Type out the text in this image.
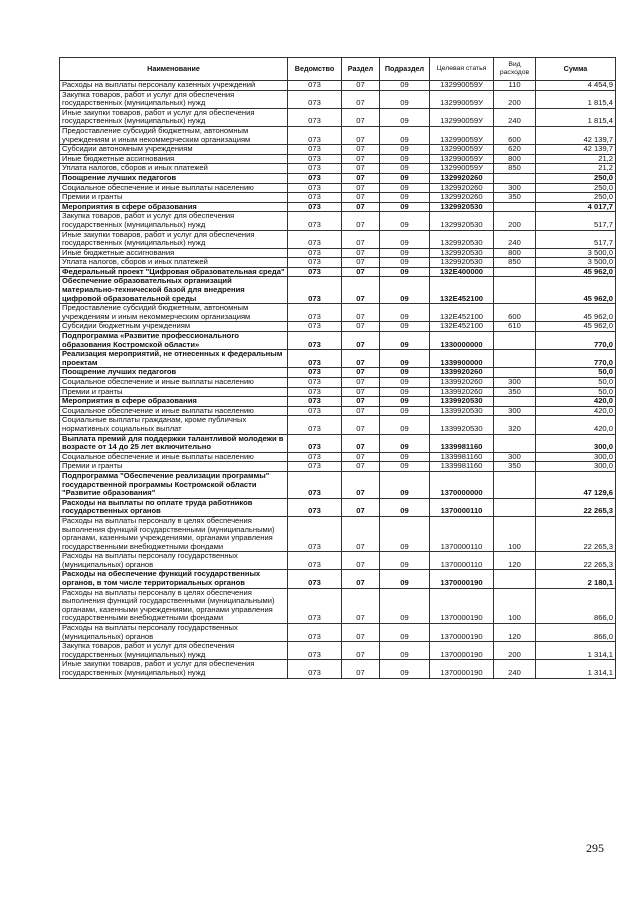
Наименование	Ведомство	Раздел	Подраздел	Целевая статья	Вид расходов	Сумма
Расходы на выплаты персоналу казенных учреждений	073	07	09	132990059У	110	4 454,9
Закупка товаров, работ и услуг для обеспечения государственных (муниципальных) нужд	073	07	09	132990059У	200	1 815,4
Иные закупки товаров, работ и услуг для обеспечения государственных (муниципальных) нужд	073	07	09	132990059У	240	1 815,4
Предоставление субсидий бюджетным, автономным учреждениям и иным некоммерческим организациям	073	07	09	132990059У	600	42 139,7
Субсидии автономным учреждениям	073	07	09	132990059У	620	42 139,7
Иные бюджетные ассигнования	073	07	09	132990059У	800	21,2
Уплата налогов, сборов и иных платежей	073	07	09	132990059У	850	21,2
Поощрение лучших педагогов	073	07	09	1329920260		250,0
Социальное обеспечение и иные выплаты населению	073	07	09	1329920260	300	250,0
Премии и гранты	073	07	09	1329920260	350	250,0
Мероприятия в сфере образования	073	07	09	1329920530		4 017,7
Закупка товаров, работ и услуг для обеспечения государственных (муниципальных) нужд	073	07	09	1329920530	200	517,7
Иные закупки товаров, работ и услуг для обеспечения государственных (муниципальных) нужд	073	07	09	1329920530	240	517,7
Иные бюджетные ассигнования	073	07	09	1329920530	800	3 500,0
Уплата налогов, сборов и иных платежей	073	07	09	1329920530	850	3 500,0
Федеральный проект "Цифровая образовательная среда"	073	07	09	132E400000		45 962,0
Обеспечение образовательных организаций материально-технической базой для внедрения цифровой образовательной среды	073	07	09	132E452100		45 962,0
Предоставление субсидий бюджетным, автономным учреждениям и иным некоммерческим организациям	073	07	09	132E452100	600	45 962,0
Субсидии бюджетным учреждениям	073	07	09	132E452100	610	45 962,0
Подпрограмма «Развитие профессионального образования Костромской области»	073	07	09	1330000000		770,0
Реализация мероприятий, не отнесенных к федеральным проектам	073	07	09	1339900000		770,0
Поощрение лучших педагогов	073	07	09	1339920260		50,0
Социальное обеспечение и иные выплаты населению	073	07	09	1339920260	300	50,0
Премии и гранты	073	07	09	1339920260	350	50,0
Мероприятия в сфере образования	073	07	09	1339920530		420,0
Социальное обеспечение и иные выплаты населению	073	07	09	1339920530	300	420,0
Социальные выплаты гражданам, кроме публичных нормативных социальных выплат	073	07	09	1339920530	320	420,0
Выплата премий для поддержки талантливой молодежи в возрасте от 14 до 25 лет включительно	073	07	09	1339981160		300,0
Социальное обеспечение и иные выплаты населению	073	07	09	1339981160	300	300,0
Премии и гранты	073	07	09	1339981160	350	300,0
Подпрограмма "Обеспечение реализации программы" государственной программы Костромской области "Развитие образования"	073	07	09	1370000000		47 129,6
Расходы на выплаты по оплате труда работников государственных органов	073	07	09	1370000110		22 265,3
Расходы на выплаты персоналу в целях обеспечения выполнения функций государственными (муниципальными) органами, казенными учреждениями, органами управления государственными внебюджетными фондами	073	07	09	1370000110	100	22 265,3
Расходы на выплаты персоналу государственных (муниципальных) органов	073	07	09	1370000110	120	22 265,3
Расходы на обеспечение функций государственных органов, в том числе территориальных органов	073	07	09	1370000190		2 180,1
Расходы на выплаты персоналу в целях обеспечения выполнения функций государственными (муниципальными) органами, казенными учреждениями, органами управления государственными внебюджетными фондами	073	07	09	1370000190	100	866,0
Расходы на выплаты персоналу государственных (муниципальных) органов	073	07	09	1370000190	120	866,0
Закупка товаров, работ и услуг для обеспечения государственных (муниципальных) нужд	073	07	09	1370000190	200	1 314,1
Иные закупки товаров, работ и услуг для обеспечения государственных (муниципальных) нужд	073	07	09	1370000190	240	1 314,1
295
